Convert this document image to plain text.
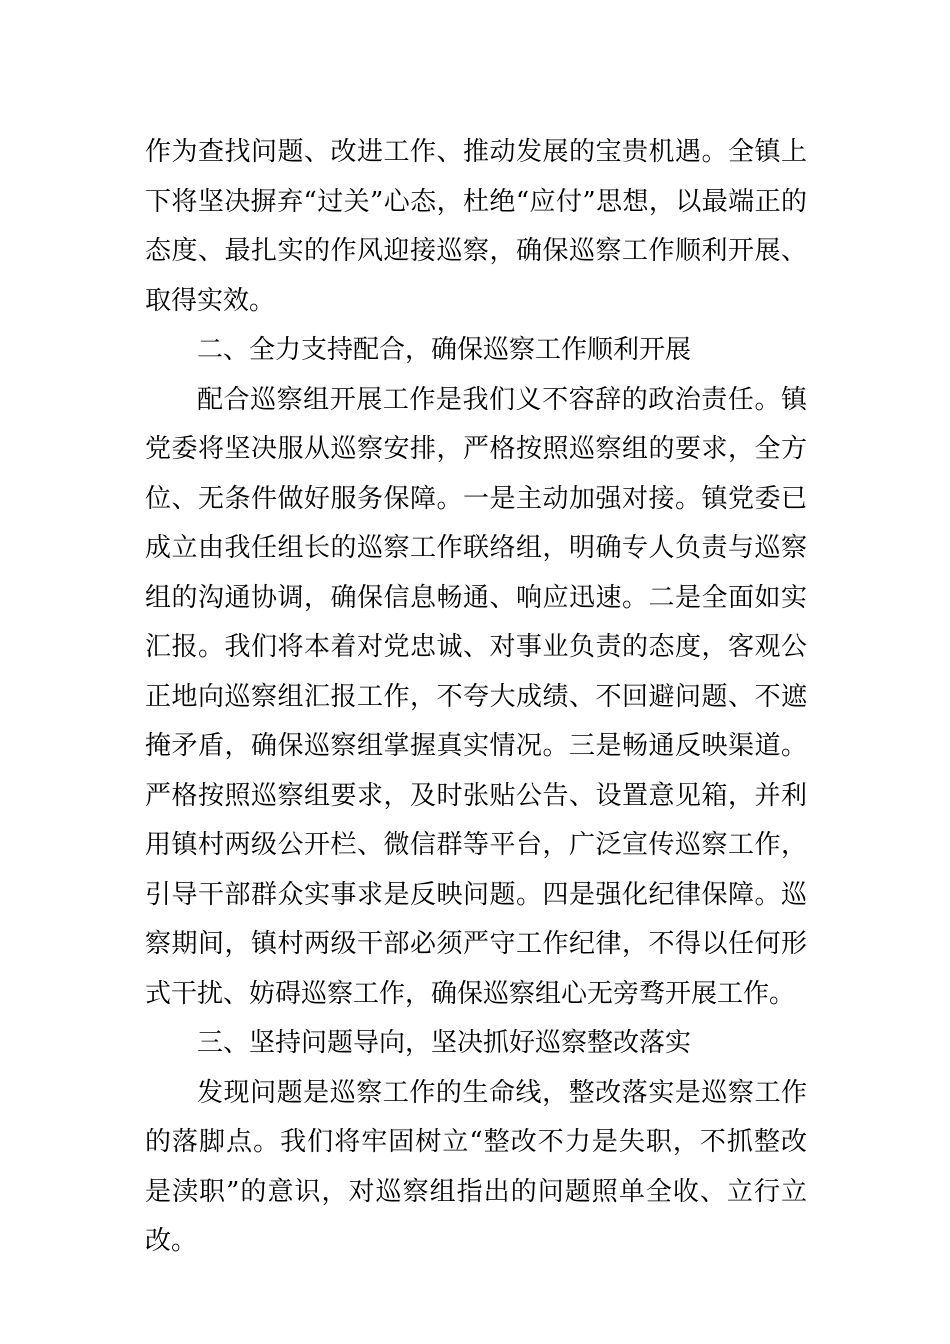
作为查找问题、改进工作、推动发展的宝贵机遇。全镇上下将坚决摒弃“过关”心态，杜绝“应付”思想，以最端正的态度、最扎实的作风迎接巡察，确保巡察工作顺利开展、取得实效。

二、全力支持配合，确保巡察工作顺利开展

配合巡察组开展工作是我们义不容辞的政治责任。镇党委将坚决服从巡察安排，严格按照巡察组的要求，全方位、无条件做好服务保障。一是主动加强对接。镇党委已成立由我任组长的巡察工作联络组，明确专人负责与巡察组的沟通协调，确保信息畅通、响应迅速。二是全面如实汇报。我们将本着对党忠诚、对事业负责的态度，客观公正地向巡察组汇报工作，不夸大成绩、不回避问题、不遮掩矛盾，确保巡察组掌握真实情况。三是畅通反映渠道。严格按照巡察组要求，及时张贴公告、设置意见箱，并利用镇村两级公开栏、微信群等平台，广泛宣传巡察工作，引导干部群众实事求是反映问题。四是强化纪律保障。巡察期间，镇村两级干部必须严守工作纪律，不得以任何形式干扰、妨碍巡察工作，确保巡察组心无旁骛开展工作。

三、坚持问题导向，坚决抓好巡察整改落实

发现问题是巡察工作的生命线，整改落实是巡察工作的落脚点。我们将牢固树立“整改不力是失职，不抓整改是渎职”的意识，对巡察组指出的问题照单全收、立行立改。
